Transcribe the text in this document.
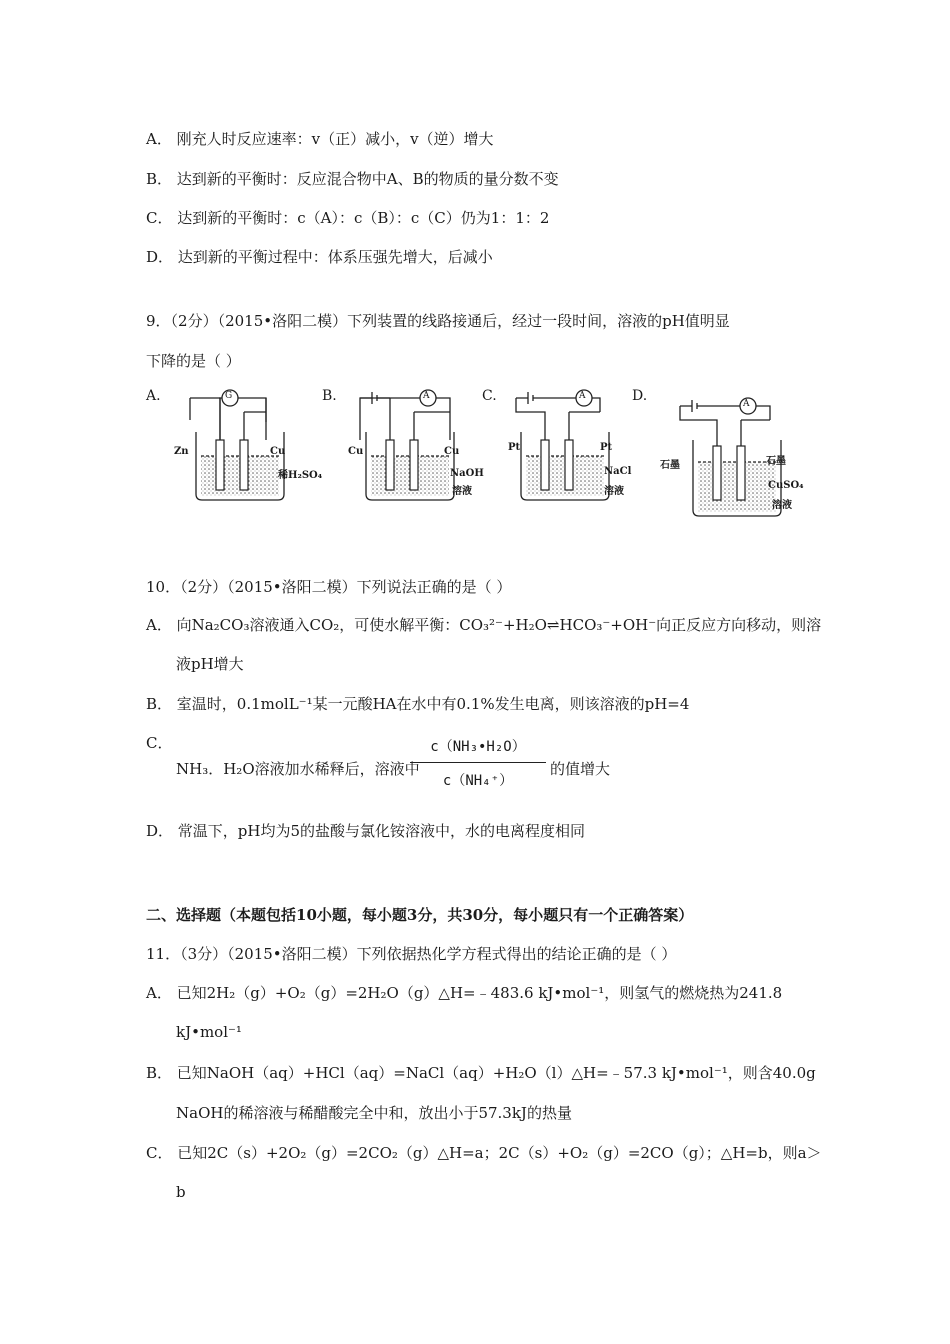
A． 刚充人时反应速率：v（正）减小，v（逆）增大
B． 达到新的平衡时：反应混合物中A、B的物质的量分数不变
C． 达到新的平衡时：c（A）：c（B）：c（C）仍为1：1：2
D． 达到新的平衡过程中：体系压强先增大，后减小
9．（2分）（2015•洛阳二模）下列装置的线路接通后，经过一段时间，溶液的pH值明显
下降的是（ ）
A.	B.	C.	D.
G
Zn	Cu
稀H₂SO₄
A
Cu	Cu
NaOH
溶液
A
Pt	Pt
NaCl
溶液
A
石墨	石墨
CuSO₄
溶液
10．（2分）（2015•洛阳二模）下列说法正确的是（ ）
A． 向Na₂CO₃溶液通入CO₂，可使水解平衡：CO₃²⁻+H₂O⇌HCO₃⁻+OH⁻向正反应方向移动，则溶
液pH增大
B． 室温时，0.1molL⁻¹某一元酸HA在水中有0.1%发生电离，则该溶液的pH=4
C．
NH₃．H₂O溶液加水稀释后，溶液中
c（NH₃•H₂O）
c（NH₄⁺）
的值增大
D． 常温下，pH均为5的盐酸与氯化铵溶液中，水的电离程度相同
二、选择题（本题包括10小题，每小题3分，共30分，每小题只有一个正确答案）
11．（3分）（2015•洛阳二模）下列依据热化学方程式得出的结论正确的是（ ）
A． 已知2H₂（g）+O₂（g）=2H₂O（g）△H=﹣483.6 kJ•mol⁻¹，则氢气的燃烧热为241.8
kJ•mol⁻¹
B． 已知NaOH（aq）+HCl（aq）=NaCl（aq）+H₂O（l）△H=﹣57.3 kJ•mol⁻¹，则含40.0g
NaOH的稀溶液与稀醋酸完全中和，放出小于57.3kJ的热量
C． 已知2C（s）+2O₂（g）=2CO₂（g）△H=a；2C（s）+O₂（g）=2CO（g）；△H=b，则a＞
b
